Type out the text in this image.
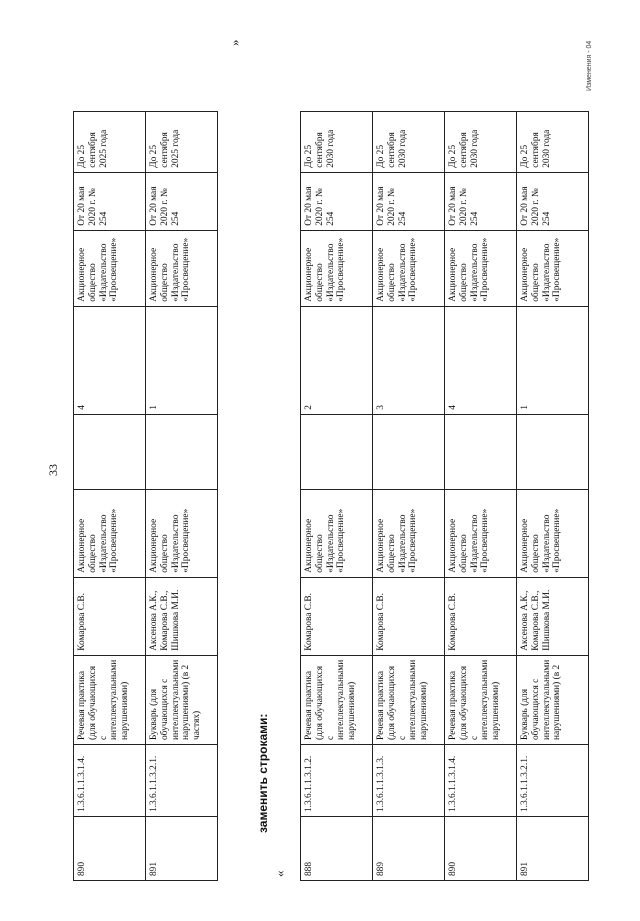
33
890	1.3.6.1.1.3.1.4.	Речевая практика (для обучающихся с интеллектуальными нарушениями)	Комарова С.В.	Акционерное общество «Издательство «Просвещение»		4	Акционерное общество «Издательство «Просвещение»	От 20 мая 2020 г. № 254	До 25 сентября 2025 года
891	1.3.6.1.1.3.2.1.	Букварь (для обучающихся с интеллектуальными нарушениями) (в 2 частях)	Аксенова А.К., Комарова С.В., Шишкова М.И.	Акционерное общество «Издательство «Просвещение»		1	Акционерное общество «Издательство «Просвещение»	От 20 мая 2020 г. № 254	До 25 сентября 2025 года
»
заменить строками:
« 888	1.3.6.1.1.3.1.2.	Речевая практика (для обучающихся с интеллектуальными нарушениями)	Комарова С.В.	Акционерное общество «Издательство «Просвещение»		2	Акционерное общество «Издательство «Просвещение»	От 20 мая 2020 г. № 254	До 25 сентября 2030 года
889	1.3.6.1.1.3.1.3.	Речевая практика (для обучающихся с интеллектуальными нарушениями)	Комарова С.В.	Акционерное общество «Издательство «Просвещение»		3	Акционерное общество «Издательство «Просвещение»	От 20 мая 2020 г. № 254	До 25 сентября 2030 года
890	1.3.6.1.1.3.1.4.	Речевая практика (для обучающихся с интеллектуальными нарушениями)	Комарова С.В.	Акционерное общество «Издательство «Просвещение»		4	Акционерное общество «Издательство «Просвещение»	От 20 мая 2020 г. № 254	До 25 сентября 2030 года
891	1.3.6.1.1.3.2.1.	Букварь (для обучающихся с интеллектуальными нарушениями) (в 2	Аксенова А.К., Комарова С.В., Шишкова М.И.	Акционерное общество «Издательство «Просвещение»		1	Акционерное общество «Издательство «Просвещение»	От 20 мая 2020 г. № 254	До 25 сентября 2030 года
Изменения - 04
